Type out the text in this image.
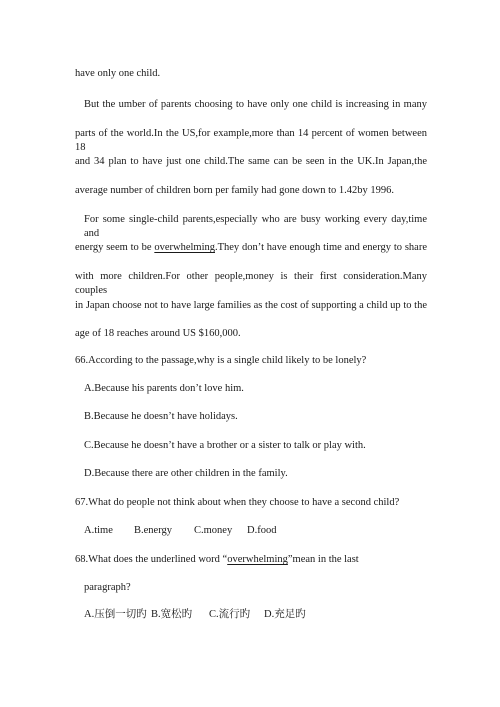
have only one child.
But the umber of parents choosing to have only one child is increasing in many
parts of the world.In the US,for example,more than 14 percent of women between 18
and 34 plan to have just one child.The same can be seen in the UK.In Japan,the
average number of children born per family had gone down to 1.42by 1996.
For some single-child parents,especially who are busy working every day,time and
energy seem to be overwhelming.They don’t have enough time and energy to share
with more children.For other people,money is their first consideration.Many couples
in Japan choose not to have large families as the cost of supporting a child up to the
age of 18 reaches around US $160,000.
66.According to the passage,why is a single child likely to be lonely?
A.Because his parents don’t love him.
B.Because he doesn’t have holidays.
C.Because he doesn’t have a brother or a sister to talk or play with.
D.Because there are other children in the family.
67.What do people not think about when they choose to have a second child?
A.time B.energy C.money D.food
68.What does the underlined word “overwhelming”mean in the last
paragraph?
A.压倒一切旳 B.宽松旳 C.流行旳 D.充足旳
